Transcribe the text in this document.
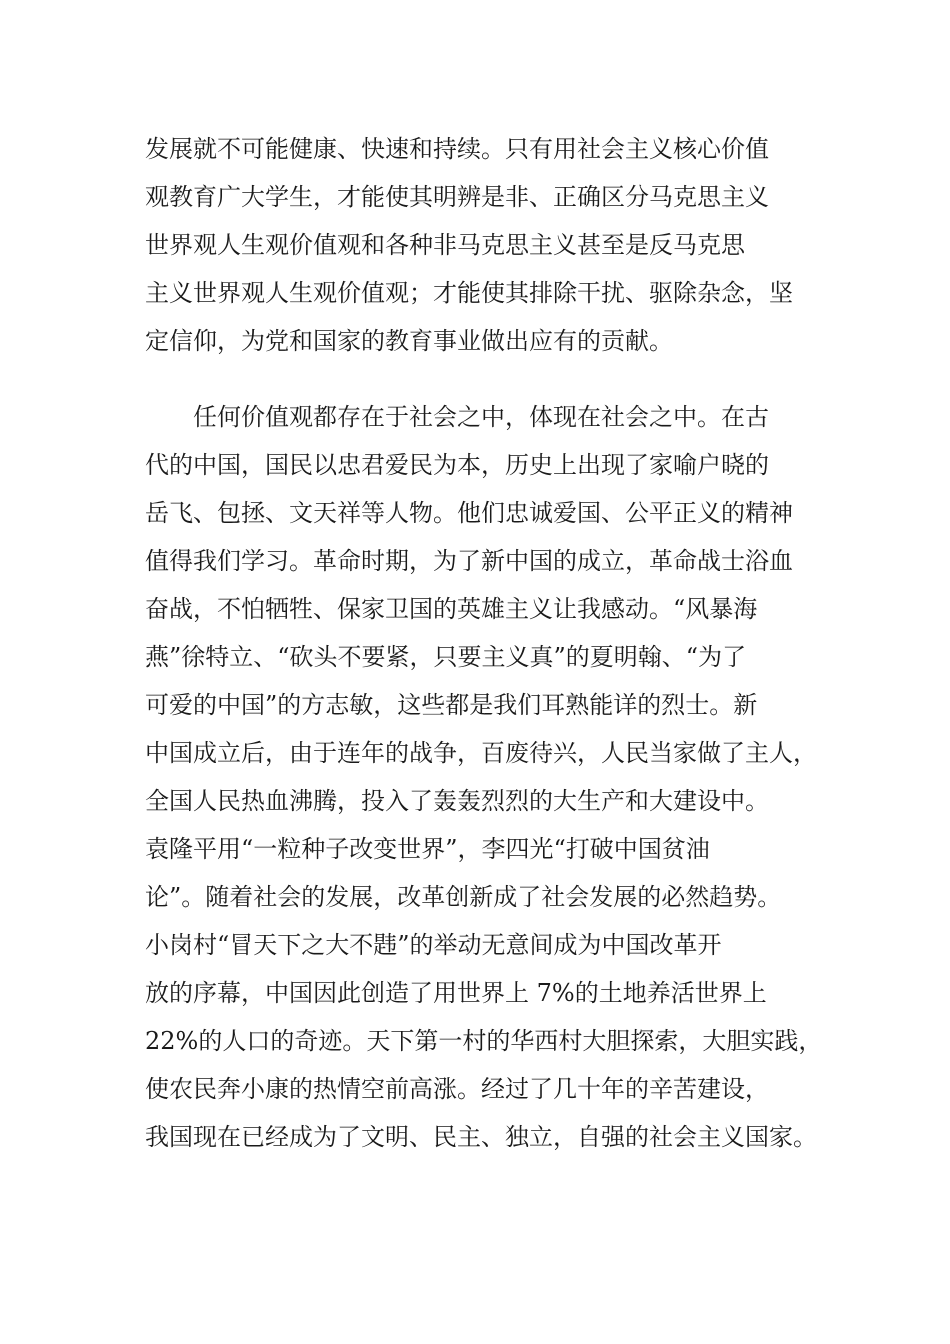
发展就不可能健康、快速和持续。只有用社会主义核心价值
观教育广大学生，才能使其明辨是非、正确区分马克思主义
世界观人生观价值观和各种非马克思主义甚至是反马克思
主义世界观人生观价值观；才能使其排除干扰、驱除杂念，坚
定信仰，为党和国家的教育事业做出应有的贡献。
任何价值观都存在于社会之中，体现在社会之中。在古
代的中国，国民以忠君爱民为本，历史上出现了家喻户晓的
岳飞、包拯、文天祥等人物。他们忠诚爱国、公平正义的精神
值得我们学习。革命时期，为了新中国的成立，革命战士浴血
奋战，不怕牺牲、保家卫国的英雄主义让我感动。“风暴海
燕”徐特立、“砍头不要紧，只要主义真”的夏明翰、“为了
可爱的中国”的方志敏，这些都是我们耳熟能详的烈士。新
中国成立后，由于连年的战争，百废待兴，人民当家做了主人，
全国人民热血沸腾，投入了轰轰烈烈的大生产和大建设中。
袁隆平用“一粒种子改变世界”，李四光“打破中国贫油
论”。随着社会的发展，改革创新成了社会发展的必然趋势。
小岗村“冒天下之大不韪”的举动无意间成为中国改革开
放的序幕，中国因此创造了用世界上 7%的土地养活世界上
22%的人口的奇迹。天下第一村的华西村大胆探索，大胆实践，
使农民奔小康的热情空前高涨。经过了几十年的辛苦建设，
我国现在已经成为了文明、民主、独立，自强的社会主义国家。
